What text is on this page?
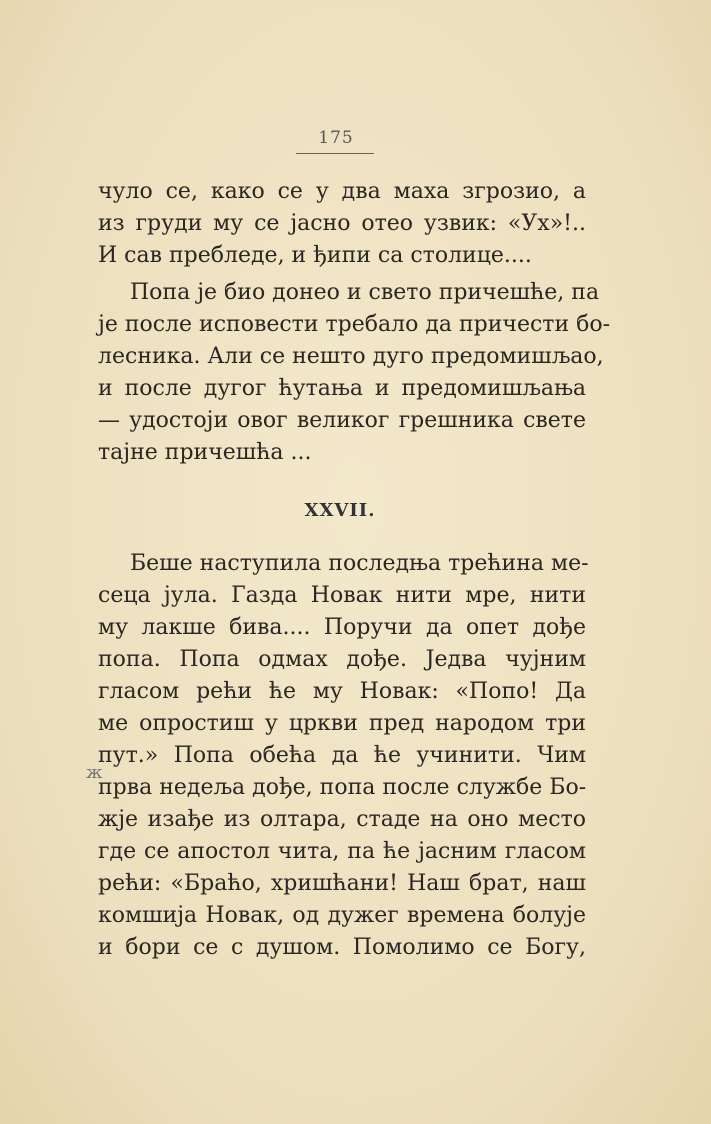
175
чуло се, како се у два маха згрозио, а
из груди му се јасно отео узвик: «Ух»!..
И сав пребледе, и ђипи са столице....
Попа је био донео и свето причешће, па
је после исповести требало да причести бо-
лесника. Али се нешто дуго предомишљао,
и после дугог ћутања и предомишљања
— удостоји овог великог грешника свете
тајне причешћа ...
XXVII.
Беше наступила последња трећина ме-
сеца јула. Газда Новак нити мре, нити
му лакше бива.... Поручи да опет дође
попа. Попа одмах дође. Једва чујним
гласом рећи ће му Новак: «Попо! Да
ме опростиш у цркви пред народом три
пут.» Попа обећа да ће учинити. Чим
прва недеља дође, попа после службе Бо-
жје изађе из олтара, стаде на оно место
где се апостол чита, па ће јасним гласом
рећи: «Браћо, хришћани! Наш брат, наш
комшија Новак, од дужег времена болује
и бори се с душом. Помолимо се Богу,
ж
